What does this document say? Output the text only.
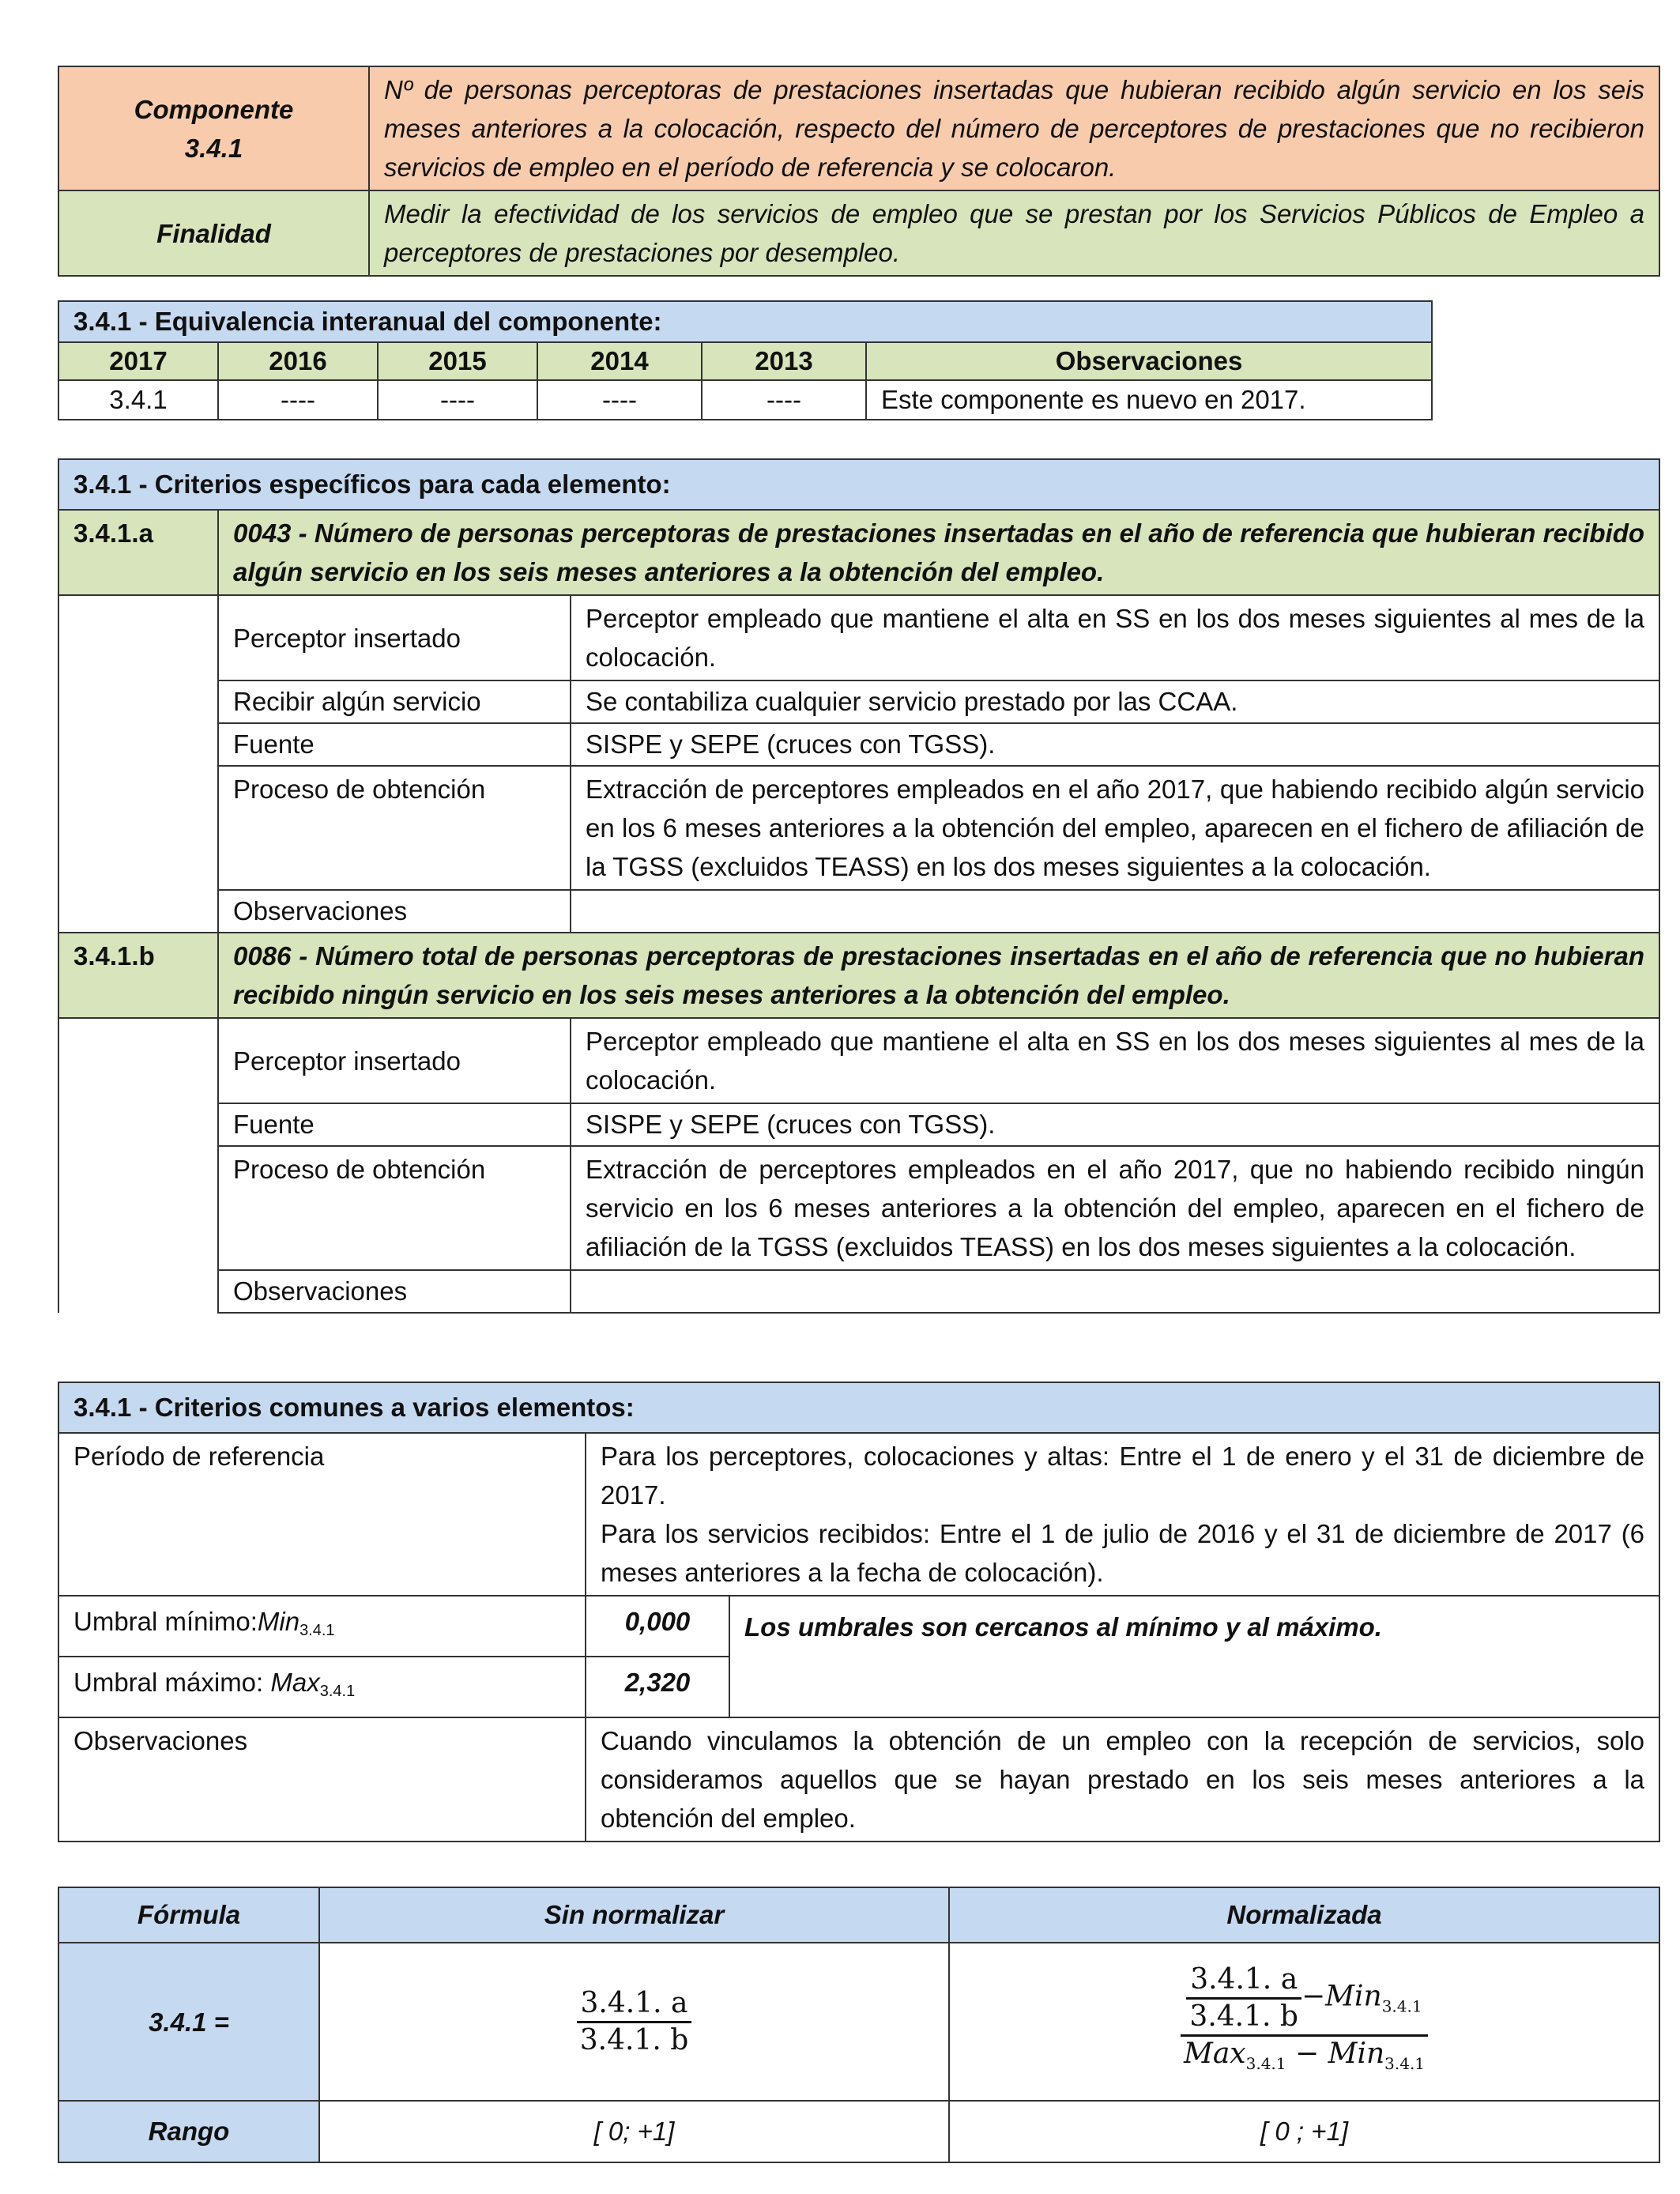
Componente
3.4.1	Nº de personas perceptoras de prestaciones insertadas que hubieran recibido algún servicio en los seis meses anteriores a la colocación, respecto del número de perceptores de prestaciones que no recibieron servicios de empleo en el período de referencia y se colocaron.
Finalidad	Medir la efectividad de los servicios de empleo que se prestan por los Servicios Públicos de Empleo a perceptores de prestaciones por desempleo.
3.4.1 - Equivalencia interanual del componente:					
2017	2016	2015	2014	2013	Observaciones
3.4.1	----	----	----	----	Este componente es nuevo en 2017.
3.4.1 - Criterios específicos para cada elemento:		
3.4.1.a	0043 - Número de personas perceptoras de prestaciones insertadas en el año de referencia que hubieran recibido algún servicio en los seis meses anteriores a la obtención del empleo.	
	Perceptor insertado	Perceptor empleado que mantiene el alta en SS en los dos meses siguientes al mes de la colocación.
	Recibir algún servicio	Se contabiliza cualquier servicio prestado por las CCAA.
	Fuente	SISPE y SEPE (cruces con TGSS).
	Proceso de obtención	Extracción de perceptores empleados en el año 2017, que habiendo recibido algún servicio en los 6 meses anteriores a la obtención del empleo, aparecen en el fichero de afiliación de la TGSS (excluidos TEASS) en los dos meses siguientes a la colocación.
	Observaciones	
3.4.1.b	0086 - Número total de personas perceptoras de prestaciones insertadas en el año de referencia que no hubieran recibido ningún servicio en los seis meses anteriores a la obtención del empleo.	
	Perceptor insertado	Perceptor empleado que mantiene el alta en SS en los dos meses siguientes al mes de la colocación.
	Fuente	SISPE y SEPE (cruces con TGSS).
	Proceso de obtención	Extracción de perceptores empleados en el año 2017, que no habiendo recibido ningún servicio en los 6 meses anteriores a la obtención del empleo, aparecen en el fichero de afiliación de la TGSS (excluidos TEASS) en los dos meses siguientes a la colocación.
	Observaciones	
3.4.1 - Criterios comunes a varios elementos:		
Período de referencia	Para los perceptores, colocaciones y altas: Entre el 1 de enero y el 31 de diciembre de 2017.
Para los servicios recibidos: Entre el 1 de julio de 2016 y el 31 de diciembre de 2017 (6 meses anteriores a la fecha de colocación).	

Umbral mínimo:Min$_{3.4.1}$	0,000	Los umbrales son cercanos al mínimo y al máximo.
Umbral máximo: Max$_{3.4.1}$	2,320	
Observaciones	Cuando vinculamos la obtención de un empleo con la recepción de servicios, solo consideramos aquellos que se hayan prestado en los seis meses anteriores a la obtención del empleo.	
Fórmula	Sin normalizar	Normalizada
3.4.1 =	$\frac{3.4.1. a}{3.4.1. b}$	$\frac{\frac{3.4.1. a}{3.4.1. b} -Min_{3.4.1}}{Max_{3.4.1} - Min_{3.4.1}}$

Rango	[ 0; +1]	[ 0 ; +1]
